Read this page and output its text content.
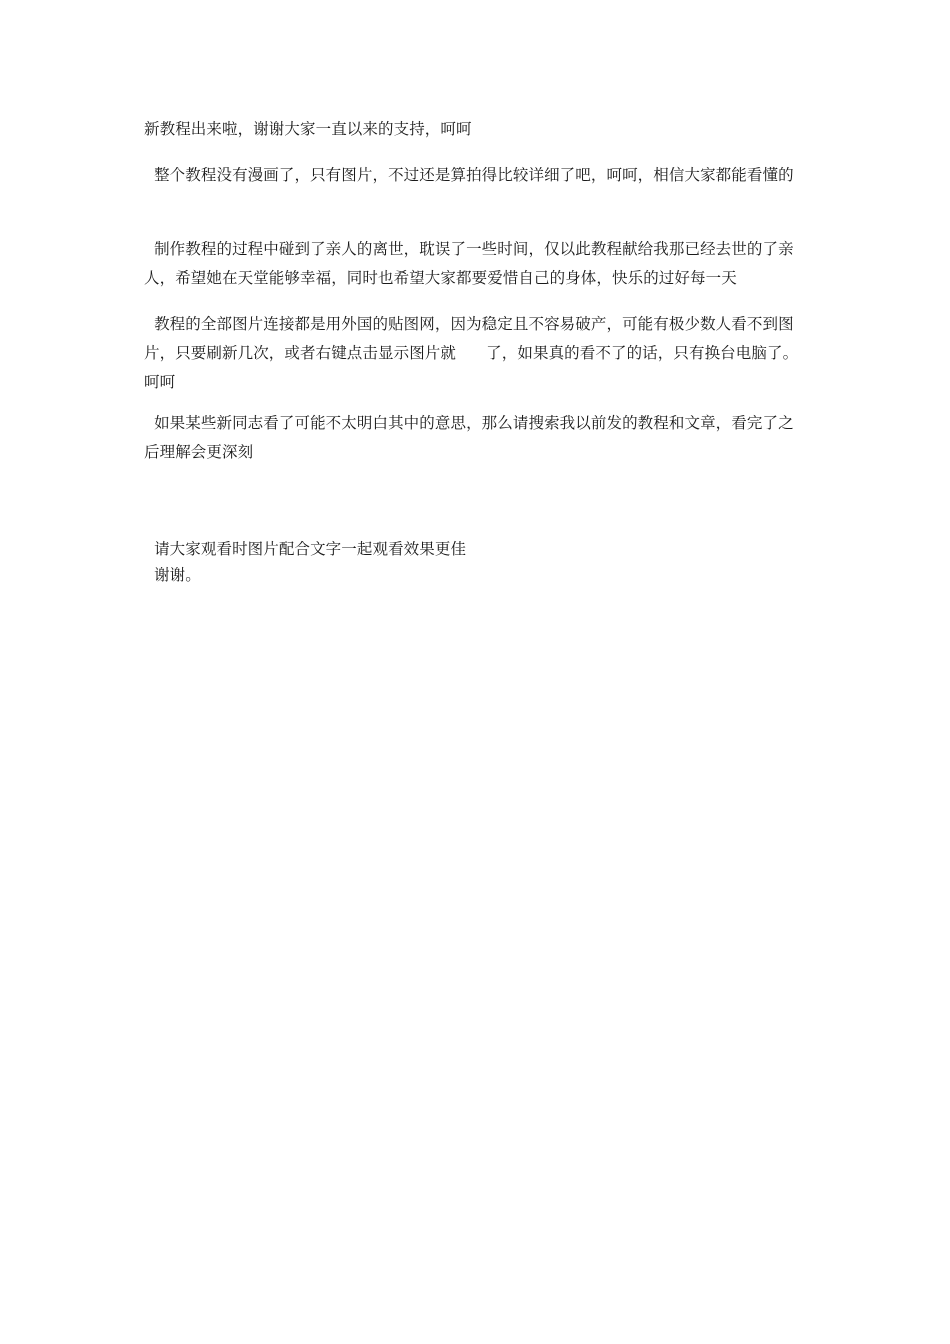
新教程出来啦，谢谢大家一直以来的支持，呵呵
整个教程没有漫画了，只有图片，不过还是算拍得比较详细了吧，呵呵，相信大家都能看懂的
制作教程的过程中碰到了亲人的离世，耽误了一些时间，仅以此教程献给我那已经去世的了亲人，希望她在天堂能够幸福，同时也希望大家都要爱惜自己的身体，快乐的过好每一天
教程的全部图片连接都是用外国的贴图网，因为稳定且不容易破产，可能有极少数人看不到图片，只要刷新几次，或者右键点击显示图片就      了，如果真的看不了的话，只有换台电脑了。呵呵
如果某些新同志看了可能不太明白其中的意思，那么请搜索我以前发的教程和文章，看完了之后理解会更深刻
请大家观看时图片配合文字一起观看效果更佳
谢谢。
